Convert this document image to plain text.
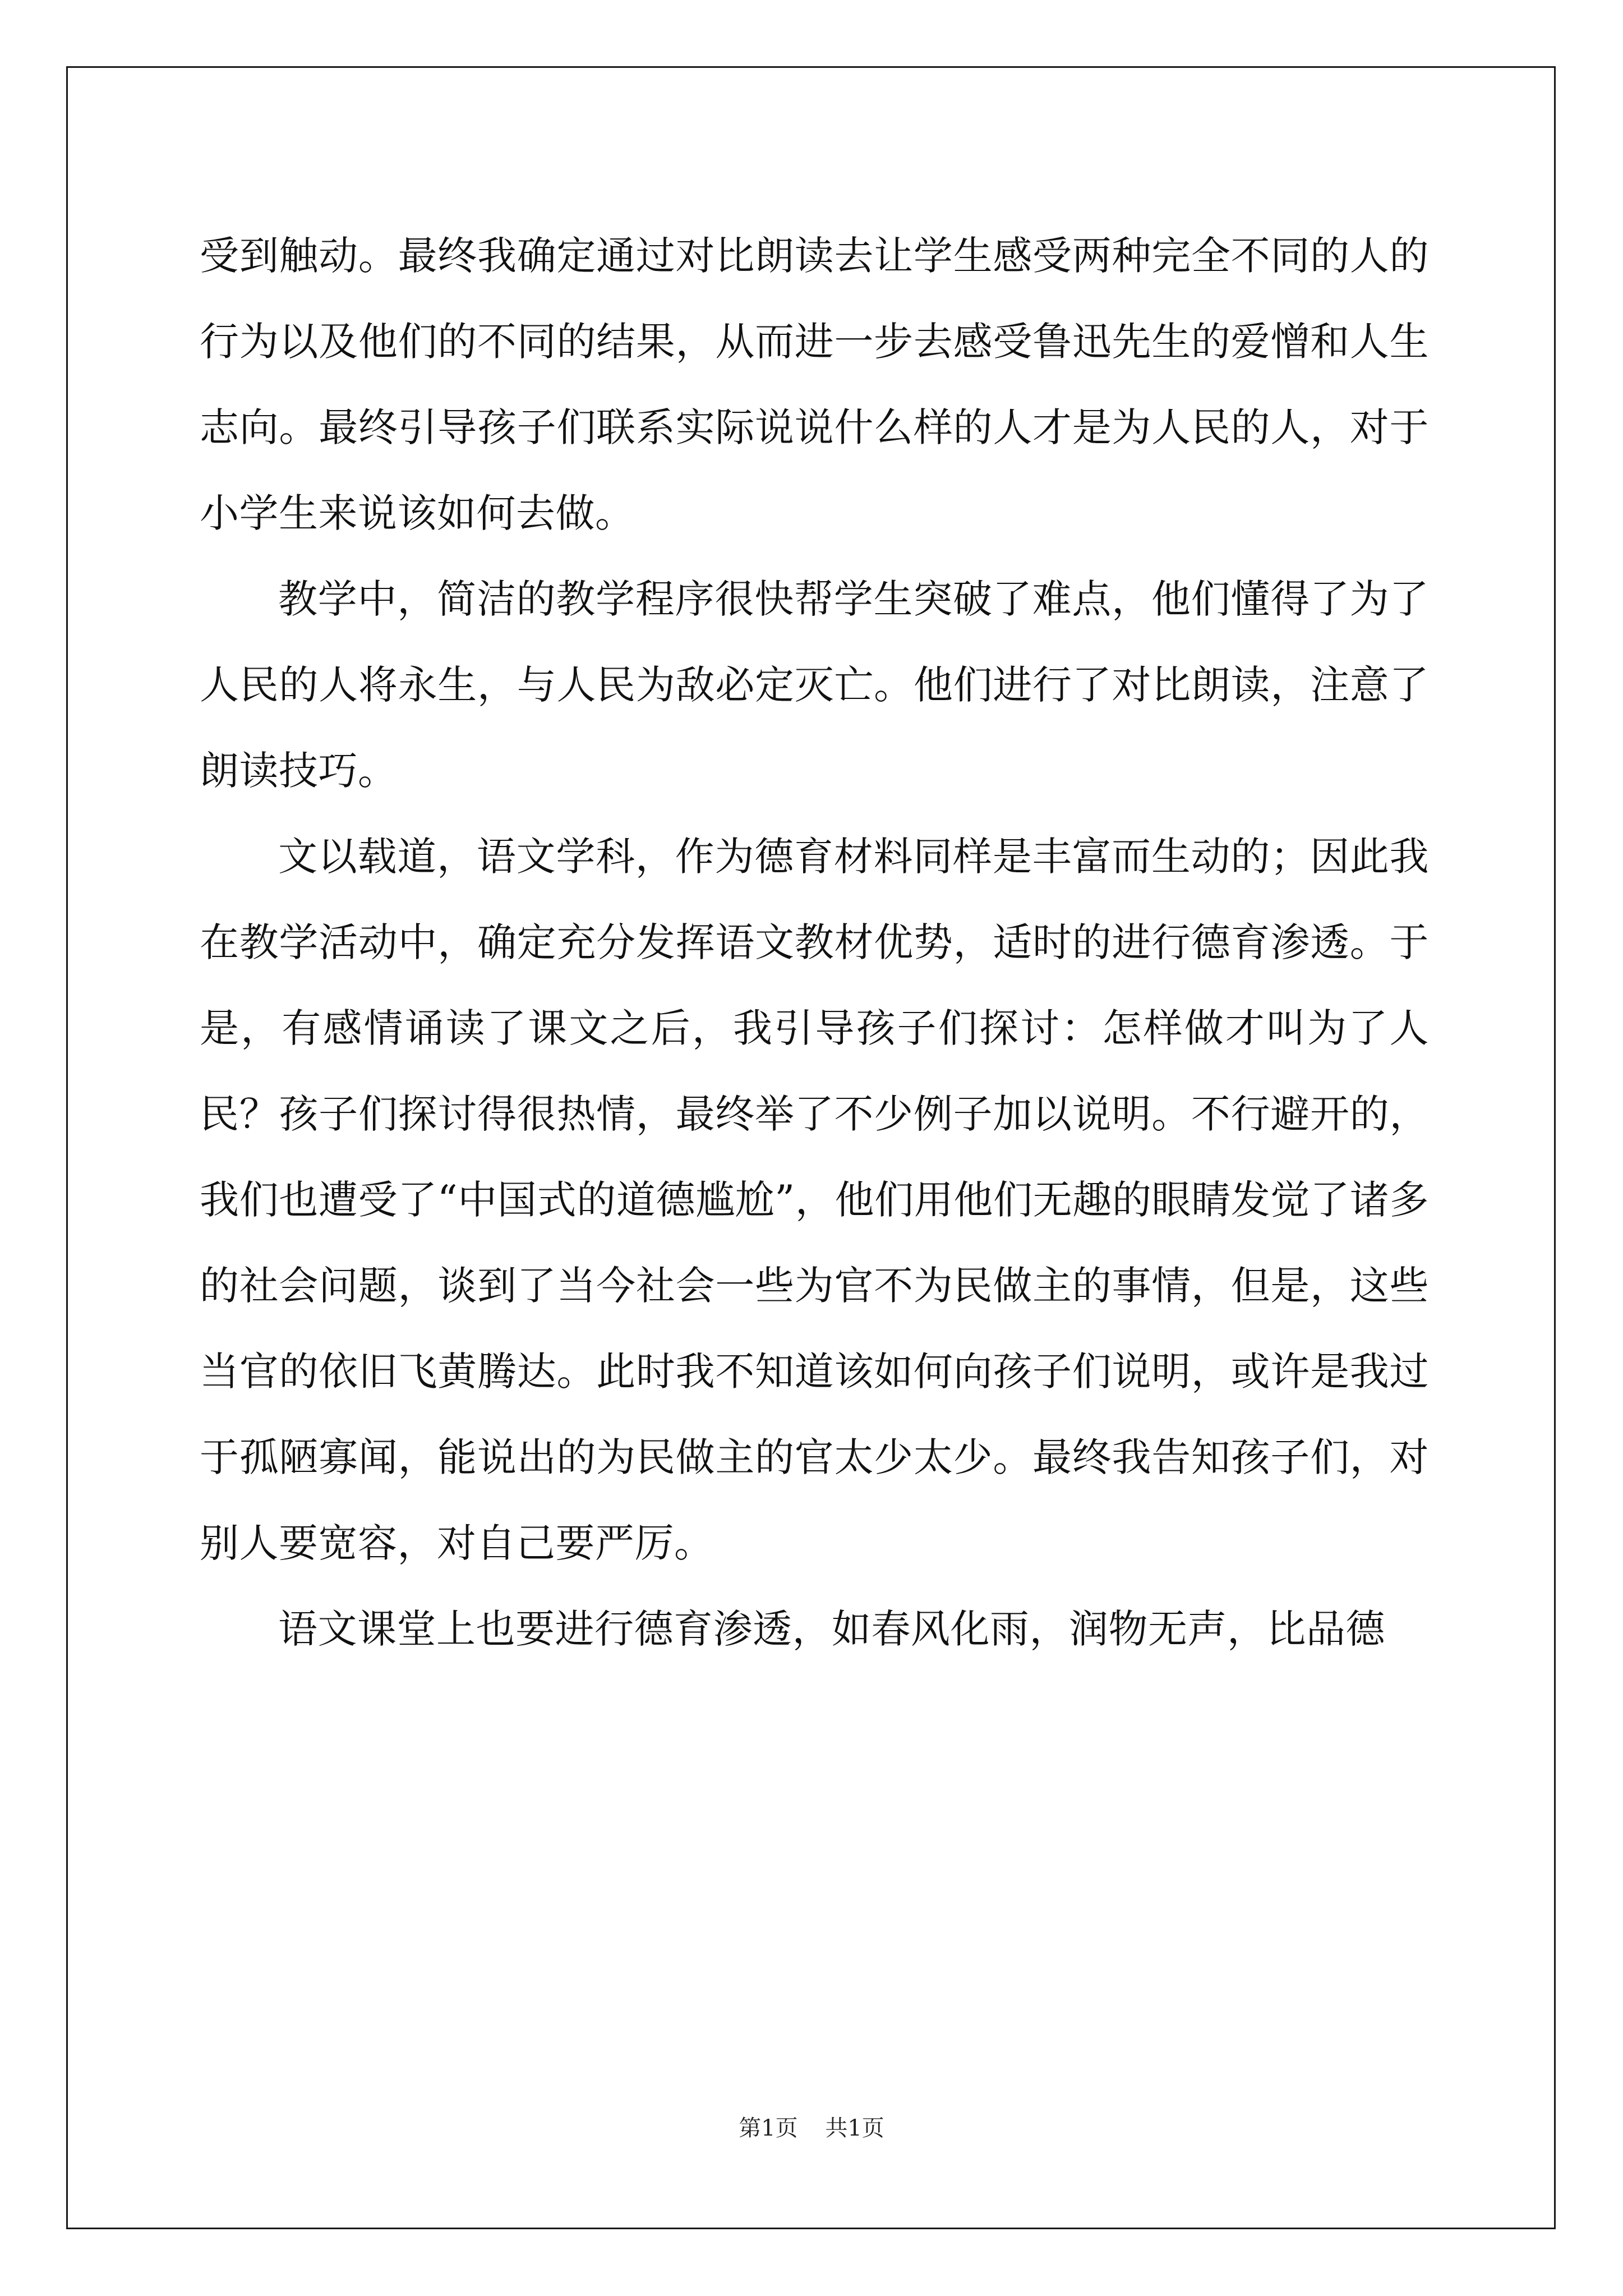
受到触动。最终我确定通过对比朗读去让学生感受两种完全不同的人的行为以及他们的不同的结果，从而进一步去感受鲁迅先生的爱憎和人生志向。最终引导孩子们联系实际说说什么样的人才是为人民的人，对于小学生来说该如何去做。

教学中，简洁的教学程序很快帮学生突破了难点，他们懂得了为了人民的人将永生，与人民为敌必定灭亡。他们进行了对比朗读，注意了朗读技巧。

文以载道，语文学科，作为德育材料同样是丰富而生动的；因此我在教学活动中，确定充分发挥语文教材优势，适时的进行德育渗透。于是，有感情诵读了课文之后，我引导孩子们探讨：怎样做才叫为了人民？孩子们探讨得很热情，最终举了不少例子加以说明。不行避开的，我们也遭受了“中国式的道德尴尬”，他们用他们无趣的眼睛发觉了诸多的社会问题，谈到了当今社会一些为官不为民做主的事情，但是，这些当官的依旧飞黄腾达。此时我不知道该如何向孩子们说明，或许是我过于孤陋寡闻，能说出的为民做主的官太少太少。最终我告知孩子们，对别人要宽容，对自己要严厉。

语文课堂上也要进行德育渗透，如春风化雨，润物无声，比品德

第1页 共1页
